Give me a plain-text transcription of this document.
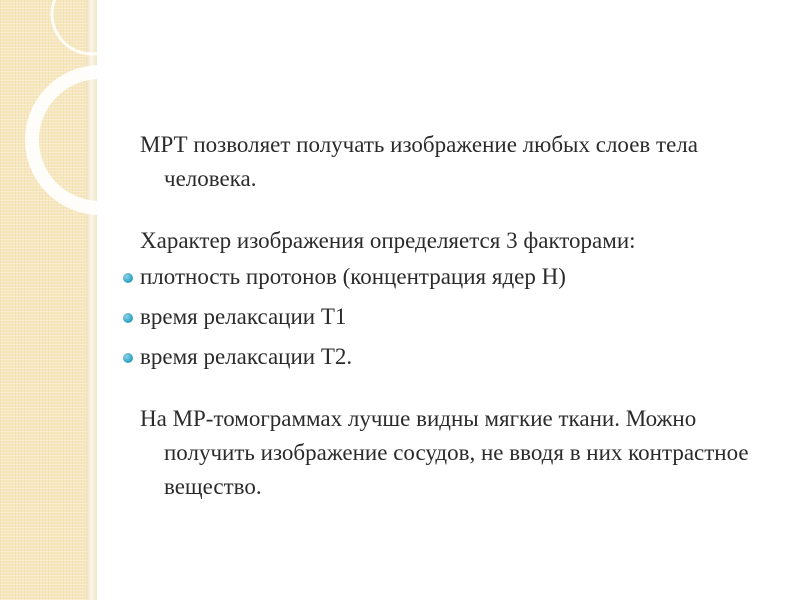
МРТ позволяет получать изображение любых слоев тела человека.

Характер изображения определяется 3 факторами:

плотность протонов (концентрация ядер Н)
время релаксации Т1
время релаксации Т2.

На МР-томограммах лучше видны мягкие ткани. Можно получить изображение сосудов, не вводя в них контрастное вещество.
